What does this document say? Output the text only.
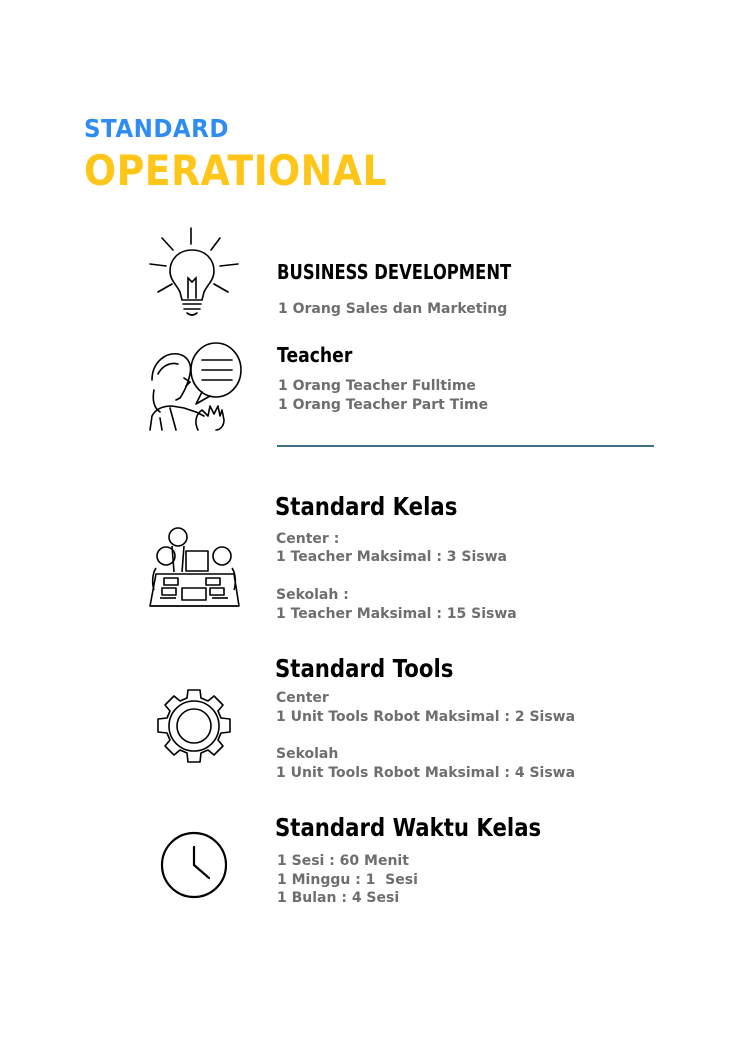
STANDARD
OPERATIONAL
BUSINESS DEVELOPMENT
1 Orang Sales dan Marketing
Teacher
1 Orang Teacher Fulltime
1 Orang Teacher Part Time
Standard Kelas
Center :
1 Teacher Maksimal : 3 Siswa
Sekolah :
1 Teacher Maksimal : 15 Siswa
Standard Tools
Center
1 Unit Tools Robot Maksimal : 2 Siswa
Sekolah
1 Unit Tools Robot Maksimal : 4 Siswa
Standard Waktu Kelas
1 Sesi : 60 Menit
1 Minggu : 1  Sesi
1 Bulan : 4 Sesi
